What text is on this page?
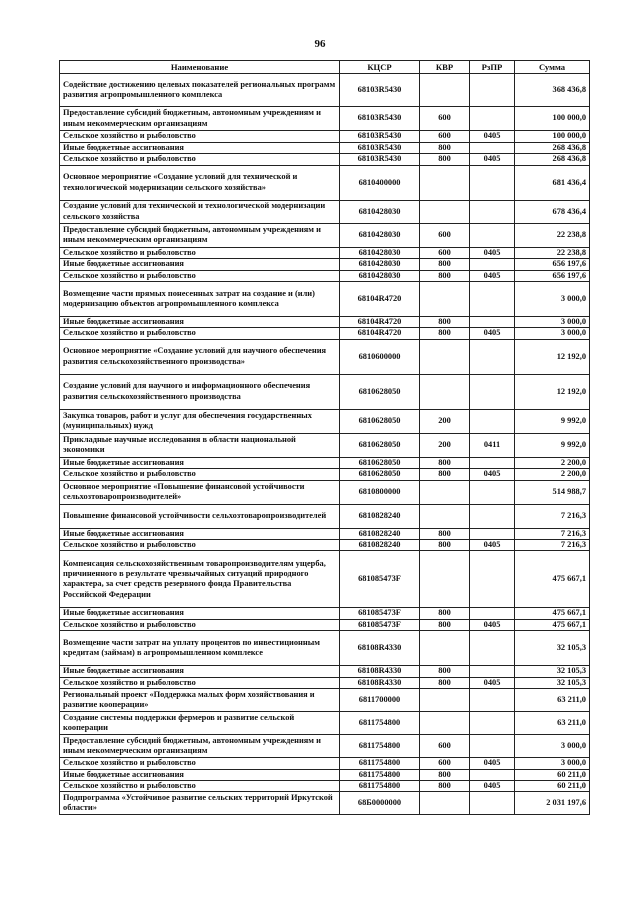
96
Наименование	КЦСР	КВР	РзПР	Сумма
Содействие достижению целевых показателей региональных программ развития агропромышленного комплекса	68103R5430			368 436,8
Предоставление субсидий бюджетным, автономным учреждениям и иным некоммерческим организациям	68103R5430	600		100 000,0
Сельское хозяйство и рыболовство	68103R5430	600	0405	100 000,0
Иные бюджетные ассигнования	68103R5430	800		268 436,8
Сельское хозяйство и рыболовство	68103R5430	800	0405	268 436,8
Основное мероприятие «Создание условий для технической и технологической модернизации сельского хозяйства»	6810400000			681 436,4
Создание условий для технической и технологической модернизации сельского хозяйства	6810428030			678 436,4
Предоставление субсидий бюджетным, автономным учреждениям и иным некоммерческим организациям	6810428030	600		22 238,8
Сельское хозяйство и рыболовство	6810428030	600	0405	22 238,8
Иные бюджетные ассигнования	6810428030	800		656 197,6
Сельское хозяйство и рыболовство	6810428030	800	0405	656 197,6
Возмещение части прямых понесенных затрат на создание и (или) модернизацию объектов агропромышленного комплекса	68104R4720			3 000,0
Иные бюджетные ассигнования	68104R4720	800		3 000,0
Сельское хозяйство и рыболовство	68104R4720	800	0405	3 000,0
Основное мероприятие «Создание условий для научного обеспечения развития сельскохозяйственного производства»	6810600000			12 192,0
Создание условий для научного и информационного обеспечения развития сельскохозяйственного производства	6810628050			12 192,0
Закупка товаров, работ и услуг для обеспечения государственных (муниципальных) нужд	6810628050	200		9 992,0
Прикладные научные исследования в области национальной экономики	6810628050	200	0411	9 992,0
Иные бюджетные ассигнования	6810628050	800		2 200,0
Сельское хозяйство и рыболовство	6810628050	800	0405	2 200,0
Основное мероприятие «Повышение финансовой устойчивости сельхозтоваропроизводителей»	6810800000			514 988,7
Повышение финансовой устойчивости сельхозтоваропроизводителей	6810828240			7 216,3
Иные бюджетные ассигнования	6810828240	800		7 216,3
Сельское хозяйство и рыболовство	6810828240	800	0405	7 216,3
Компенсация сельскохозяйственным товаропроизводителям ущерба, причиненного в результате чрезвычайных ситуаций природного характера, за счет средств резервного фонда Правительства Российской Федерации	681085473F			475 667,1
Иные бюджетные ассигнования	681085473F	800		475 667,1
Сельское хозяйство и рыболовство	681085473F	800	0405	475 667,1
Возмещение части затрат на уплату процентов по инвестиционным кредитам (займам) в агропромышленном комплексе	68108R4330			32 105,3
Иные бюджетные ассигнования	68108R4330	800		32 105,3
Сельское хозяйство и рыболовство	68108R4330	800	0405	32 105,3
Региональный проект «Поддержка малых форм хозяйствования и развитие кооперации»	6811700000			63 211,0
Создание системы поддержки фермеров и развитие сельской кооперации	6811754800			63 211,0
Предоставление субсидий бюджетным, автономным учреждениям и иным некоммерческим организациям	6811754800	600		3 000,0
Сельское хозяйство и рыболовство	6811754800	600	0405	3 000,0
Иные бюджетные ассигнования	6811754800	800		60 211,0
Сельское хозяйство и рыболовство	6811754800	800	0405	60 211,0
Подпрограмма «Устойчивое развитие сельских территорий Иркутской области»	68Б0000000			2 031 197,6
